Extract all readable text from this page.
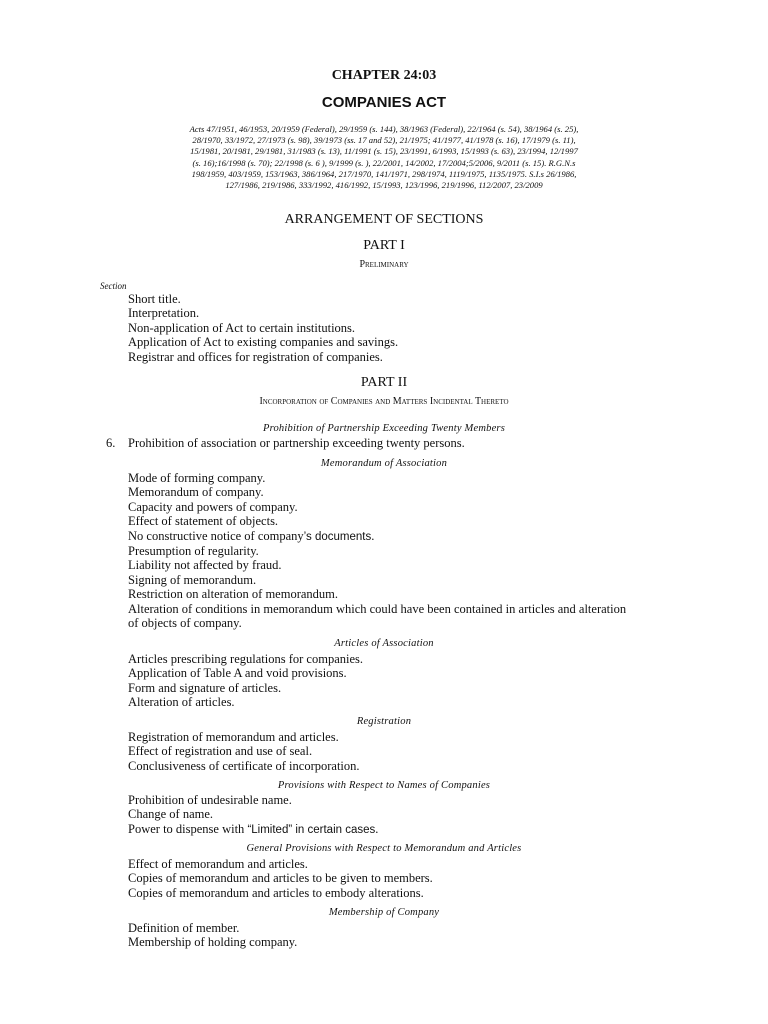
CHAPTER 24:03
COMPANIES ACT
Acts 47/1951, 46/1953, 20/1959 (Federal), 29/1959 (s. 144), 38/1963 (Federal), 22/1964 (s. 54), 38/1964 (s. 25),
28/1970, 33/1972, 27/1973 (s. 98), 39/1973 (ss. 17 and 52), 21/1975; 41/1977, 41/1978 (s. 16), 17/1979 (s. 11),
15/1981, 20/1981, 29/1981, 31/1983 (s. 13), 11/1991 (s. 15), 23/1991, 6/1993, 15/1993 (s. 63), 23/1994, 12/1997
(s. 16);16/1998 (s. 70); 22/1998 (s. 6 ), 9/1999 (s. ), 22/2001, 14/2002, 17/2004;5/2006, 9/2011 (s. 15). R.G.N.s
198/1959, 403/1959, 153/1963, 386/1964, 217/1970, 141/1971, 298/1974, 1119/1975, 1135/1975. S.I.s 26/1986,
127/1986, 219/1986, 333/1992, 416/1992, 15/1993, 123/1996, 219/1996, 112/2007, 23/2009
ARRANGEMENT OF SECTIONS
PART I
Preliminary
Section
Short title.
Interpretation.
Non-application of Act to certain institutions.
Application of Act to existing companies and savings.
Registrar and offices for registration of companies.
PART II
Incorporation of Companies and Matters Incidental Thereto
Prohibition of Partnership Exceeding Twenty Members
6. Prohibition of association or partnership exceeding twenty persons.
Memorandum of Association
Mode of forming company.
Memorandum of company.
Capacity and powers of company.
Effect of statement of objects.
No constructive notice of company’s documents.
Presumption of regularity.
Liability not affected by fraud.
Signing of memorandum.
Restriction on alteration of memorandum.
Alteration of conditions in memorandum which could have been contained in articles and alteration
of objects of company.
Articles of Association
Articles prescribing regulations for companies.
Application of Table A and void provisions.
Form and signature of articles.
Alteration of articles.
Registration
Registration of memorandum and articles.
Effect of registration and use of seal.
Conclusiveness of certificate of incorporation.
Provisions with Respect to Names of Companies
Prohibition of undesirable name.
Change of name.
Power to dispense with “Limited” in certain cases.
General Provisions with Respect to Memorandum and Articles
Effect of memorandum and articles.
Copies of memorandum and articles to be given to members.
Copies of memorandum and articles to embody alterations.
Membership of Company
Definition of member.
Membership of holding company.
